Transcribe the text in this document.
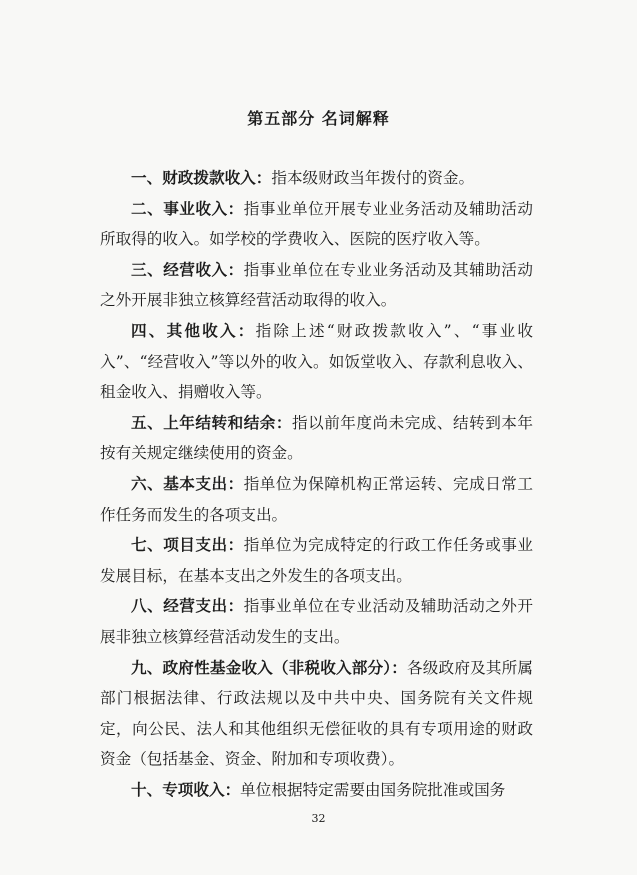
第五部分 名词解释

一、财政拨款收入：指本级财政当年拨付的资金。

二、事业收入：指事业单位开展专业业务活动及辅助活动所取得的收入。如学校的学费收入、医院的医疗收入等。

三、经营收入：指事业单位在专业业务活动及其辅助活动之外开展非独立核算经营活动取得的收入。

四、其他收入：指除上述“财政拨款收入”、“事业收入”、“经营收入”等以外的收入。如饭堂收入、存款利息收入、租金收入、捐赠收入等。

五、上年结转和结余：指以前年度尚未完成、结转到本年按有关规定继续使用的资金。

六、基本支出：指单位为保障机构正常运转、完成日常工作任务而发生的各项支出。

七、项目支出：指单位为完成特定的行政工作任务或事业发展目标，在基本支出之外发生的各项支出。

八、经营支出：指事业单位在专业活动及辅助活动之外开展非独立核算经营活动发生的支出。

九、政府性基金收入（非税收入部分）：各级政府及其所属部门根据法律、行政法规以及中共中央、国务院有关文件规定，向公民、法人和其他组织无偿征收的具有专项用途的财政资金（包括基金、资金、附加和专项收费）。

十、专项收入：单位根据特定需要由国务院批准或国务

32
